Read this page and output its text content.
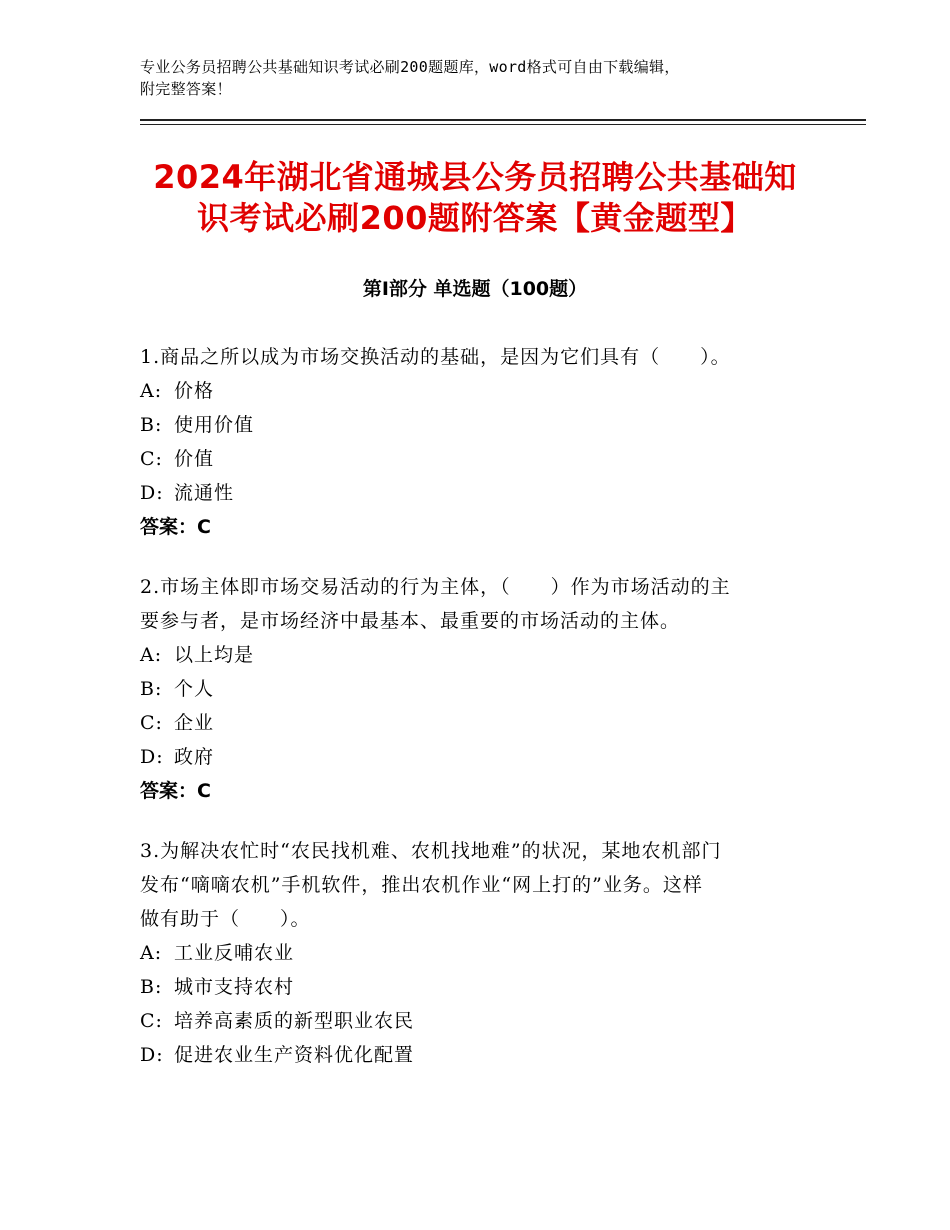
专业公务员招聘公共基础知识考试必刷200题题库，word格式可自由下载编辑，
附完整答案！
2024年湖北省通城县公务员招聘公共基础知
识考试必刷200题附答案【黄金题型】
第Ⅰ部分 单选题（100题）
1.商品之所以成为市场交换活动的基础，是因为它们具有（　　）。
A: 价格
B: 使用价值
C: 价值
D: 流通性
答案：C
2.市场主体即市场交易活动的行为主体，（　　）作为市场活动的主
要参与者，是市场经济中最基本、最重要的市场活动的主体。
A: 以上均是
B: 个人
C: 企业
D: 政府
答案：C
3.为解决农忙时“农民找机难、农机找地难”的状况，某地农机部门
发布“嘀嘀农机”手机软件，推出农机作业“网上打的”业务。这样
做有助于（　　）。
A: 工业反哺农业
B: 城市支持农村
C: 培养高素质的新型职业农民
D: 促进农业生产资料优化配置
